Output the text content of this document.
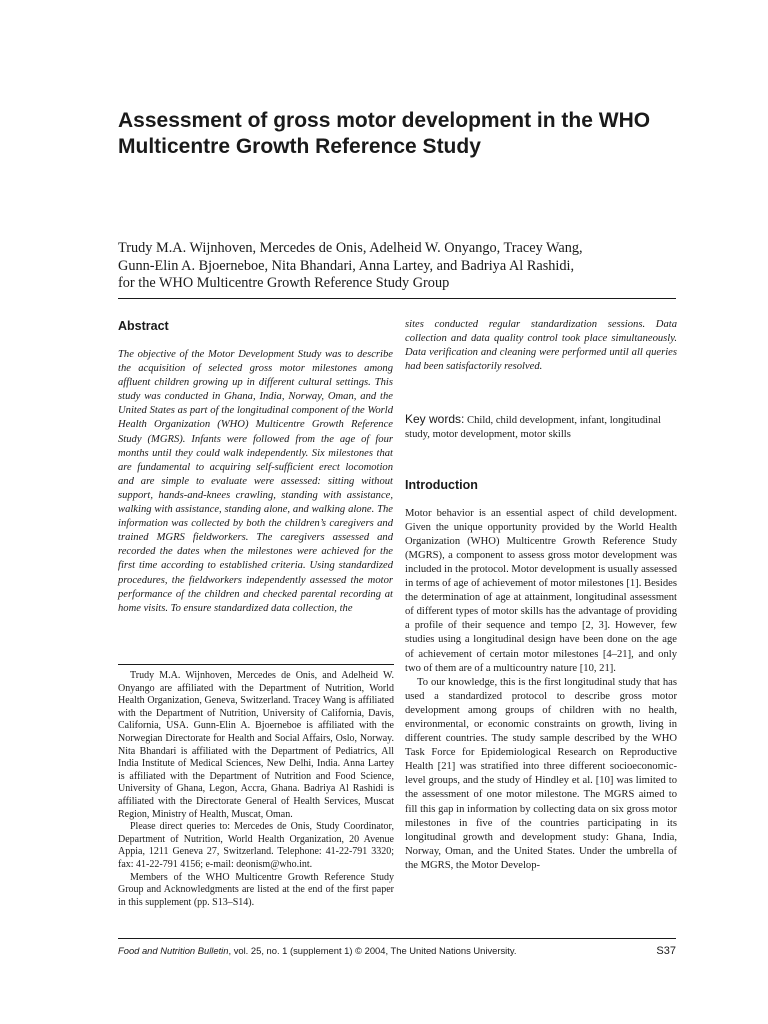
Assessment of gross motor development in the WHO Multicentre Growth Reference Study
Trudy M.A. Wijnhoven, Mercedes de Onis, Adelheid W. Onyango, Tracey Wang,
Gunn-Elin A. Bjoerneboe, Nita Bhandari, Anna Lartey, and Badriya Al Rashidi,
for the WHO Multicentre Growth Reference Study Group
Abstract

The objective of the Motor Development Study was to describe the acquisition of selected gross motor milestones among affluent children growing up in different cultural settings. This study was conducted in Ghana, India, Norway, Oman, and the United States as part of the longitudinal component of the World Health Organization (WHO) Multicentre Growth Reference Study (MGRS). Infants were followed from the age of four months until they could walk independently. Six milestones that are fundamental to acquiring self-sufficient erect locomotion and are simple to evaluate were assessed: sitting without support, hands-and-knees crawling, standing with assistance, walking with assistance, standing alone, and walking alone. The information was collected by both the children’s caregivers and trained MGRS fieldworkers. The caregivers assessed and recorded the dates when the milestones were achieved for the first time according to established criteria. Using standardized procedures, the fieldworkers independently assessed the motor performance of the children and checked parental recording at home visits. To ensure standardized data collection, the

sites conducted regular standardization sessions. Data collection and data quality control took place simultaneously. Data verification and cleaning were performed until all queries had been satisfactorily resolved.

Key words: Child, child development, infant, longitudinal study, motor development, motor skills

Introduction

Motor behavior is an essential aspect of child development. Given the unique opportunity provided by the World Health Organization (WHO) Multicentre Growth Reference Study (MGRS), a component to assess gross motor development was included in the protocol. Motor development is usually assessed in terms of age of achievement of motor milestones [1]. Besides the determination of age at attainment, longitudinal assessment of different types of motor skills has the advantage of providing a profile of their sequence and tempo [2, 3]. However, few studies using a longitudinal design have been done on the age of achievement of certain motor milestones [4–21], and only two of them are of a multicountry nature [10, 21].

To our knowledge, this is the first longitudinal study that has used a standardized protocol to describe gross motor development among groups of children with no health, environmental, or economic constraints on growth, living in different countries. The study sample described by the WHO Task Force for Epidemiological Research on Reproductive Health [21] was stratified into three different socioeconomic-level groups, and the study of Hindley et al. [10] was limited to the assessment of one motor milestone. The MGRS aimed to fill this gap in information by collecting data on six gross motor milestones in five of the countries participating in its longitudinal growth and development study: Ghana, India, Norway, Oman, and the United States. Under the umbrella of the MGRS, the Motor Develop-

Trudy M.A. Wijnhoven, Mercedes de Onis, and Adelheid W. Onyango are affiliated with the Department of Nutrition, World Health Organization, Geneva, Switzerland. Tracey Wang is affiliated with the Department of Nutrition, University of California, Davis, California, USA. Gunn-Elin A. Bjoerneboe is affiliated with the Norwegian Directorate for Health and Social Affairs, Oslo, Norway. Nita Bhandari is affiliated with the Department of Pediatrics, All India Institute of Medical Sciences, New Delhi, India. Anna Lartey is affiliated with the Department of Nutrition and Food Science, University of Ghana, Legon, Accra, Ghana. Badriya Al Rashidi is affiliated with the Directorate General of Health Services, Muscat Region, Ministry of Health, Muscat, Oman.

Please direct queries to: Mercedes de Onis, Study Coordinator, Department of Nutrition, World Health Organization, 20 Avenue Appia, 1211 Geneva 27, Switzerland. Telephone: 41-22-791 3320; fax: 41-22-791 4156; e-mail: deonism@who.int.

Members of the WHO Multicentre Growth Reference Study Group and Acknowledgments are listed at the end of the first paper in this supplement (pp. S13–S14).

Food and Nutrition Bulletin, vol. 25, no. 1 (supplement 1) © 2004, The United Nations University.	S37
